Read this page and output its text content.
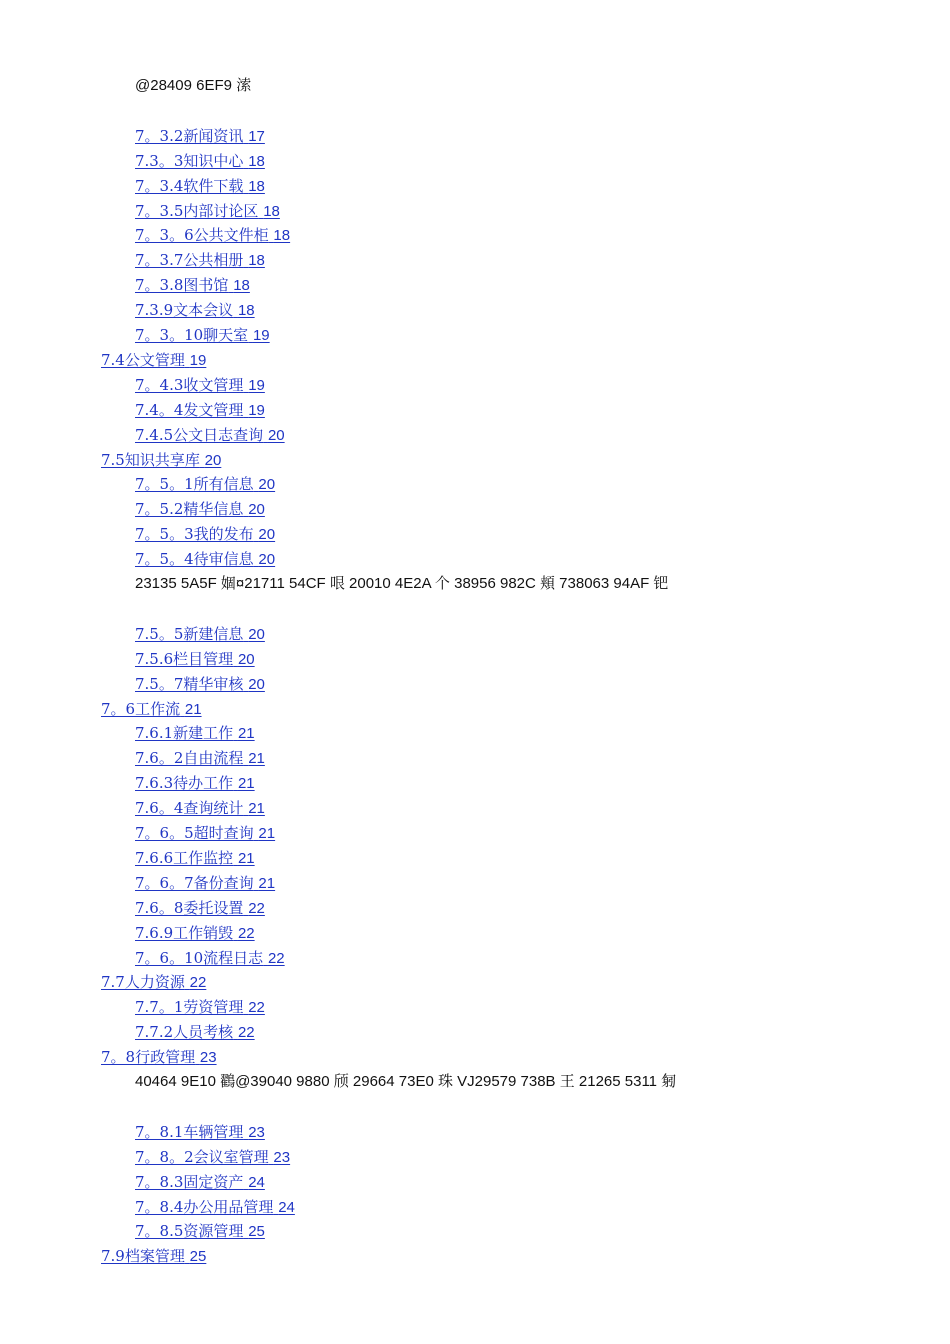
@28409 6EF9 溹
7。3.2新闻资讯 17
7.3。3知识中心 18
7。3.4软件下载 18
7。3.5内部讨论区 18
7。3。6公共文件柜 18
7。3.7公共相册 18
7。3.8图书馆 18
7.3.9文本会议 18
7。3。10聊天室 19
7.4公文管理 19
7。4.3收文管理 19
7.4。4发文管理 19
7.4.5公文日志查询 20
7.5知识共享库 20
7。5。1所有信息 20
7。5.2精华信息 20
7。5。3我的发布 20
7。5。4待审信息 20
23135 5A5F 婟¤21711 54CF 哏 20010 4E2A 个 38956 982C 頬 738063 94AF 钯
7.5。5新建信息 20
7.5.6栏目管理 20
7.5。7精华审核 20
7。6工作流 21
7.6.1新建工作 21
7.6。2自由流程 21
7.6.3待办工作 21
7.6。4查询统计 21
7。6。5超时查询 21
7.6.6工作监控 21
7。6。7备份查询 21
7.6。8委托设置 22
7.6.9工作销毁 22
7。6。10流程日志 22
7.7人力资源 22
7.7。1劳资管理 22
7.7.2人员考核 22
7。8行政管理 23
40464 9E10 鸐@39040 9880 颀 29664 73E0 珠 VJ29579 738B 王 21265 5311 匑
7。8.1车辆管理 23
7。8。2会议室管理 23
7。8.3固定资产 24
7。8.4办公用品管理 24
7。8.5资源管理 25
7.9档案管理 25
